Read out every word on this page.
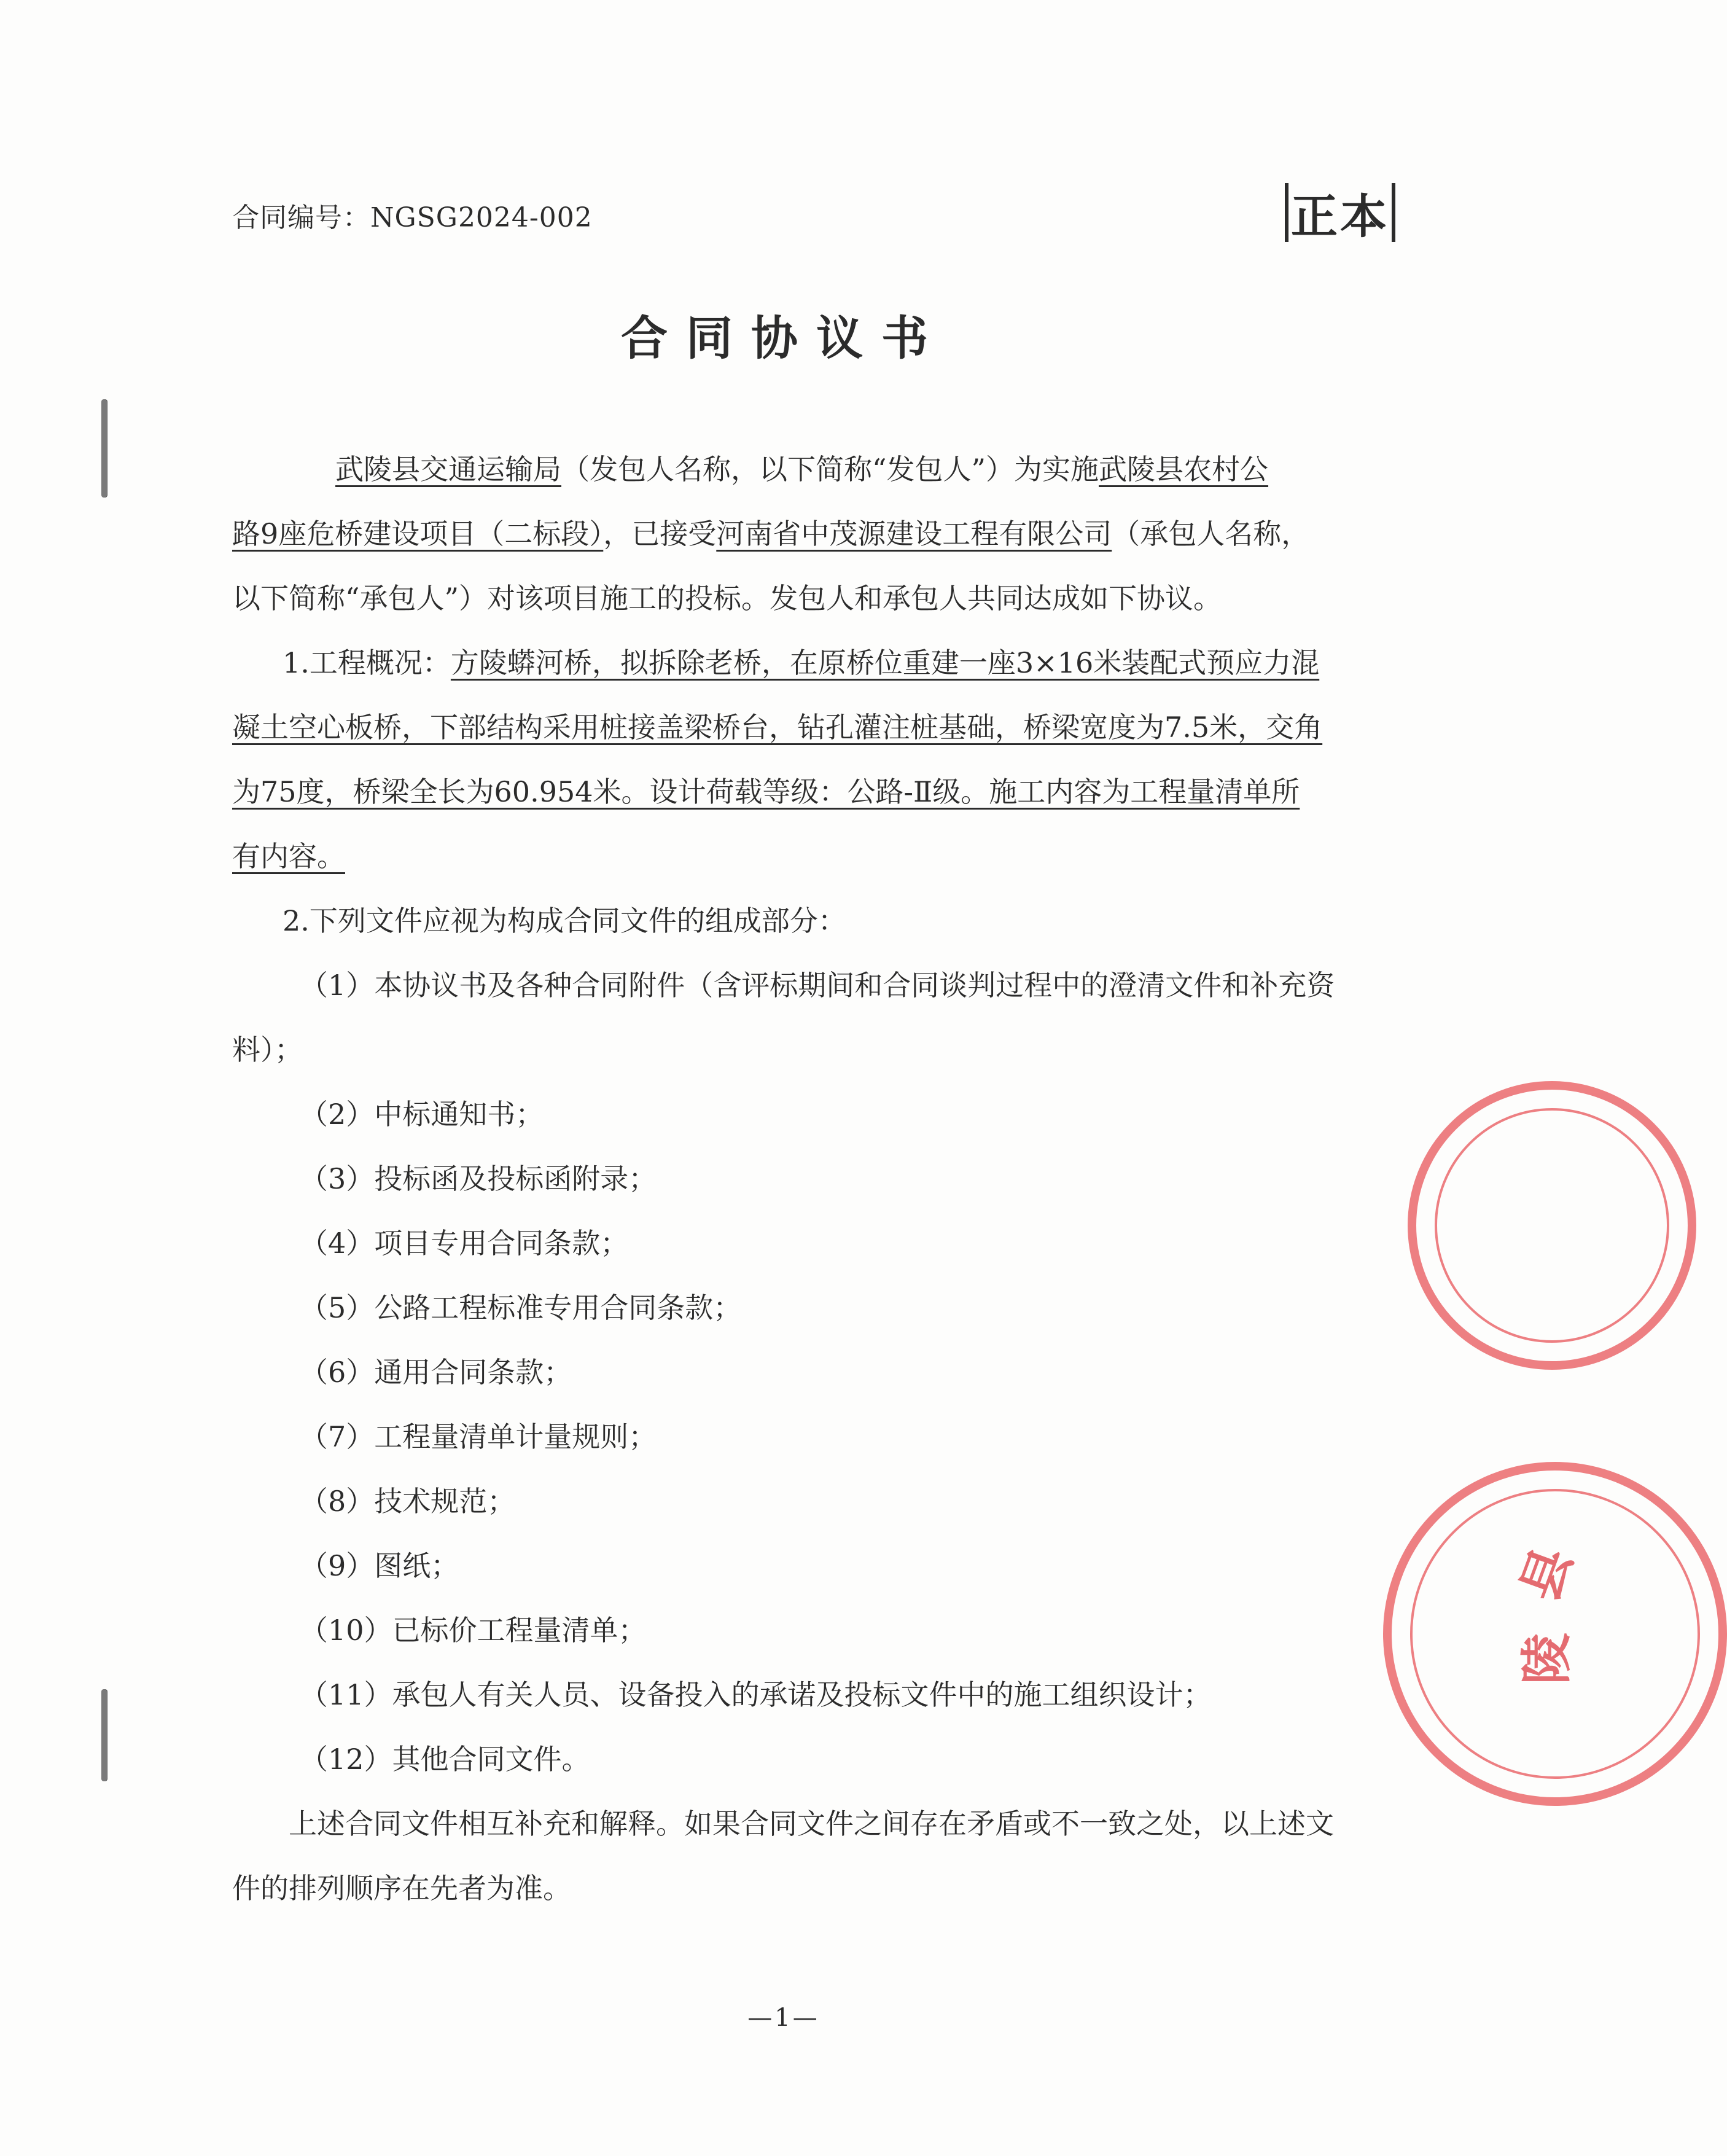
合同编号：NGSG2024-002	正本
合同协议书
武陵县交通运输局（发包人名称，以下简称“发包人”）为实施武陵县农村公
路9座危桥建设项目（二标段），已接受河南省中茂源建设工程有限公司（承包人名称，
以下简称“承包人”）对该项目施工的投标。发包人和承包人共同达成如下协议。
1.工程概况：方陵蟒河桥，拟拆除老桥，在原桥位重建一座3×16米装配式预应力混
凝土空心板桥，下部结构采用桩接盖梁桥台，钻孔灌注桩基础，桥梁宽度为7.5米，交角
为75度，桥梁全长为60.954米。设计荷载等级：公路-Ⅱ级。施工内容为工程量清单所
有内容。
2.下列文件应视为构成合同文件的组成部分：
（1）本协议书及各种合同附件（含评标期间和合同谈判过程中的澄清文件和补充资
料）；
（2）中标通知书；
（3）投标函及投标函附录；
（4）项目专用合同条款；
（5）公路工程标准专用合同条款；
（6）通用合同条款；
（7）工程量清单计量规则；
（8）技术规范；
（9）图纸；
（10）已标价工程量清单；
（11）承包人有关人员、设备投入的承诺及投标文件中的施工组织设计；
（12）其他合同文件。
上述合同文件相互补充和解释。如果合同文件之间存在矛盾或不一致之处，以上述文
件的排列顺序在先者为准。
—1—
县
陵
